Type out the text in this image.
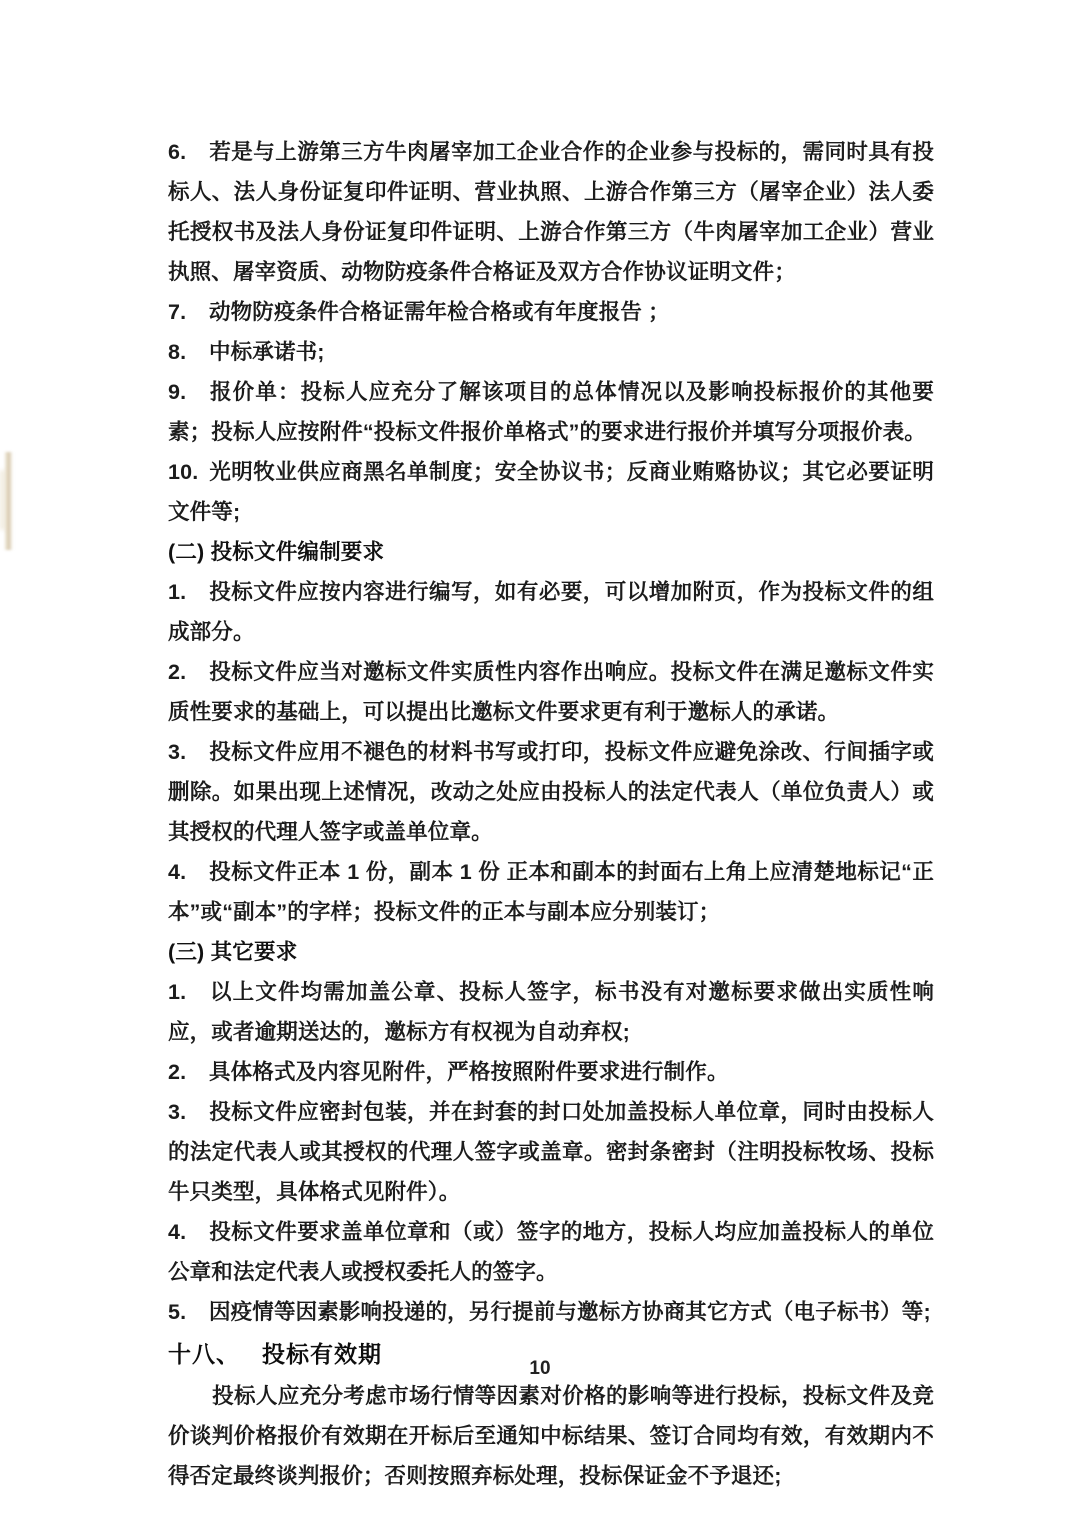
6. 若是与上游第三方牛肉屠宰加工企业合作的企业参与投标的，需同时具有投标人、法人身份证复印件证明、营业执照、上游合作第三方（屠宰企业）法人委托授权书及法人身份证复印件证明、上游合作第三方（牛肉屠宰加工企业）营业执照、屠宰资质、动物防疫条件合格证及双方合作协议证明文件；
7. 动物防疫条件合格证需年检合格或有年度报告 ；
8. 中标承诺书;
9. 报价单：投标人应充分了解该项目的总体情况以及影响投标报价的其他要素；投标人应按附件“投标文件报价单格式”的要求进行报价并填写分项报价表。
10. 光明牧业供应商黑名单制度；安全协议书；反商业贿赂协议；其它必要证明文件等;
(二) 投标文件编制要求
1. 投标文件应按内容进行编写，如有必要，可以增加附页，作为投标文件的组成部分。
2. 投标文件应当对邀标文件实质性内容作出响应。投标文件在满足邀标文件实质性要求的基础上，可以提出比邀标文件要求更有利于邀标人的承诺。
3. 投标文件应用不褪色的材料书写或打印，投标文件应避免涂改、行间插字或删除。如果出现上述情况，改动之处应由投标人的法定代表人（单位负责人）或其授权的代理人签字或盖单位章。
4. 投标文件正本 1 份，副本 1 份 正本和副本的封面右上角上应清楚地标记“正本”或“副本”的字样；投标文件的正本与副本应分别装订；
(三) 其它要求
1. 以上文件均需加盖公章、投标人签字，标书没有对邀标要求做出实质性响应，或者逾期送达的，邀标方有权视为自动弃权;
2. 具体格式及内容见附件，严格按照附件要求进行制作。
3. 投标文件应密封包装，并在封套的封口处加盖投标人单位章，同时由投标人的法定代表人或其授权的代理人签字或盖章。密封条密封（注明投标牧场、投标牛只类型，具体格式见附件）。
4. 投标文件要求盖单位章和（或）签字的地方，投标人均应加盖投标人的单位公章和法定代表人或授权委托人的签字。
5. 因疫情等因素影响投递的，另行提前与邀标方协商其它方式（电子标书）等;
十八、 投标有效期
投标人应充分考虑市场行情等因素对价格的影响等进行投标，投标文件及竞价谈判价格报价有效期在开标后至通知中标结果、签订合同均有效，有效期内不得否定最终谈判报价；否则按照弃标处理，投标保证金不予退还;
10
